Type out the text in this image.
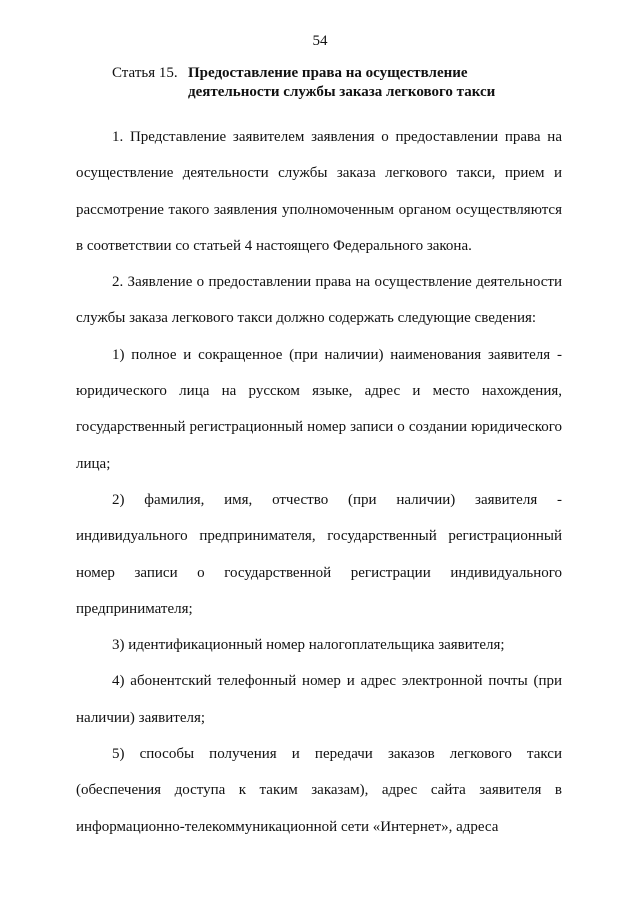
54
Статья 15. Предоставление права на осуществление
деятельности службы заказа легкового такси

1. Представление заявителем заявления о предоставлении права на осуществление деятельности службы заказа легкового такси, прием и рассмотрение такого заявления уполномоченным органом осуществляются в соответствии со статьей 4 настоящего Федерального закона.

2. Заявление о предоставлении права на осуществление деятельности службы заказа легкового такси должно содержать следующие сведения:

1) полное и сокращенное (при наличии) наименования заявителя - юридического лица на русском языке, адрес и место нахождения, государственный регистрационный номер записи о создании юридического лица;

2) фамилия, имя, отчество (при наличии) заявителя - индивидуального предпринимателя, государственный регистрационный номер записи о государственной регистрации индивидуального предпринимателя;

3) идентификационный номер налогоплательщика заявителя;

4) абонентский телефонный номер и адрес электронной почты (при наличии) заявителя;

5) способы получения и передачи заказов легкового такси (обеспечения доступа к таким заказам), адрес сайта заявителя в информационно-телекоммуникационной сети «Интернет», адреса
